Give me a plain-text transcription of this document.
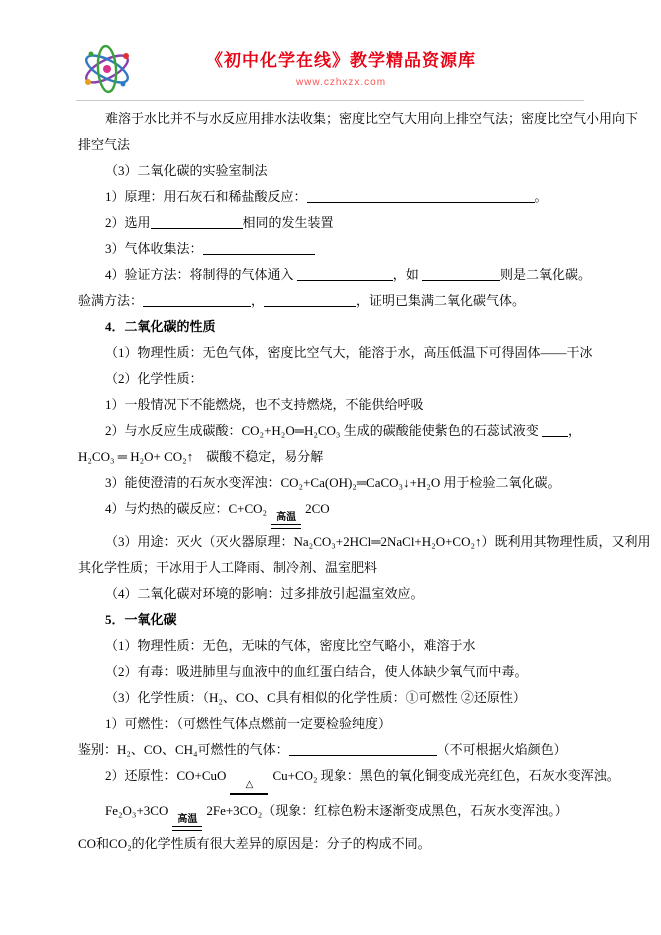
《初中化学在线》教学精品资源库
www.czhxzx.com
难溶于水比并不与水反应用排水法收集；密度比空气大用向上排空气法；密度比空气小用向下
排空气法
（3）二氧化碳的实验室制法
1）原理：用石灰石和稀盐酸反应：	。
2）选用	相同的发生装置
3）气体收集法：
4）验证方法：将制得的气体通入	，如	则是二氧化碳。
验满方法：	，	，证明已集满二氧化碳气体。
4．二氧化碳的性质
（1）物理性质：无色气体，密度比空气大，能溶于水，高压低温下可得固体——干冰
（2）化学性质：
1）一般情况下不能燃烧，也不支持燃烧，不能供给呼吸
2）与水反应生成碳酸：CO₂+H₂O═H₂CO₃ 生成的碳酸能使紫色的石蕊试液变 ，
H₂CO₃ ═ H₂O+ CO₂↑　碳酸不稳定，易分解
3）能使澄清的石灰水变浑浊：CO₂+Ca(OH)₂═CaCO₃↓+H₂O 用于检验二氧化碳。
4）与灼热的碳反应：C+CO₂
高温
2CO
（3）用途：灭火（灭火器原理：Na₂CO₃+2HCl═2NaCl+H₂O+CO₂↑）既利用其物理性质，又利用
其化学性质；干冰用于人工降雨、制冷剂、温室肥料
（4）二氧化碳对环境的影响：过多排放引起温室效应。
5．一氧化碳
（1）物理性质：无色，无味的气体，密度比空气略小，难溶于水
（2）有毒：吸进肺里与血液中的血红蛋白结合，使人体缺少氧气而中毒。
（3）化学性质：（H₂、CO、C具有相似的化学性质：①可燃性 ②还原性）
1）可燃性：（可燃性气体点燃前一定要检验纯度）
鉴别：H₂、CO、CH₄可燃性的气体：	（不可根据火焰颜色）
2）还原性：CO+CuO
△
Cu+CO₂ 现象：黑色的氧化铜变成光亮红色，石灰水变浑浊。
Fe₂O₃+3CO
高温
2Fe+3CO₂（现象：红棕色粉末逐渐变成黑色，石灰水变浑浊。）
CO和CO₂的化学性质有很大差异的原因是：分子的构成不同。
